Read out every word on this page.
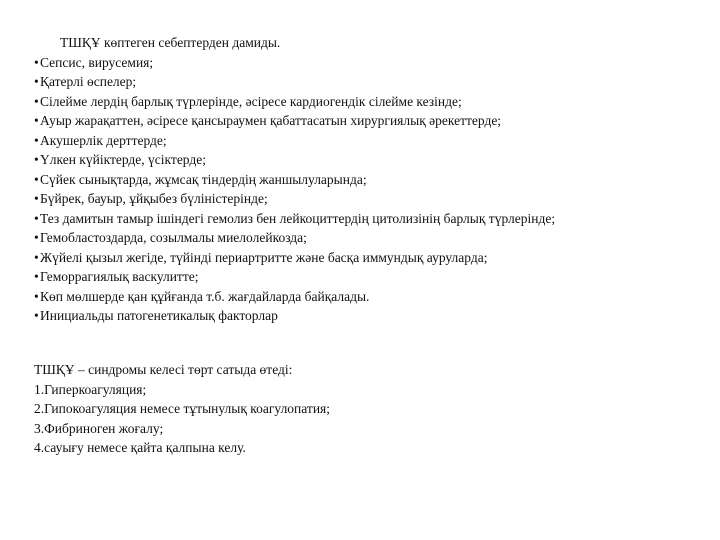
ТШҚҰ көптеген себептерден дамиды.
•Сепсис, вирусемия;
•Қатерлі өспелер;
•Сілейме лердің барлық түрлерінде, әсіресе кардиогендік сілейме кезінде;
•Ауыр жарақаттен, әсіресе қансыраумен қабаттасатын хирургиялық әрекеттерде;
•Акушерлік дерттерде;
•Үлкен күйіктерде, үсіктерде;
•Сүйек сынықтарда, жұмсақ тіндердің жаншылуларында;
•Бүйрек, бауыр, ұйқыбез бүлініcтерінде;
•Тез дамитын тамыр ішіндегі гемолиз бен лейкоциттердің цитолизінің барлық түрлерінде;
•Гемобластоздарда, созылмалы миелолейкозда;
•Жүйелі қызыл жегіде, түйінді периартритте және басқа иммундық ауруларда;
•Геморрагиялық васкулитте;
•Көп мөлшерде қан құйғанда т.б. жағдайларда байқалады.
•Инициальды патогенетикалық факторлар
ТШҚҰ – синдромы келесі төрт сатыда өтеді:
1.Гиперкоагуляция;
2.Гипокоагуляция немесе тұтынулық коагулопатия;
3.Фибриноген жоғалу;
4.сауығу немесе қайта қалпына келу.
